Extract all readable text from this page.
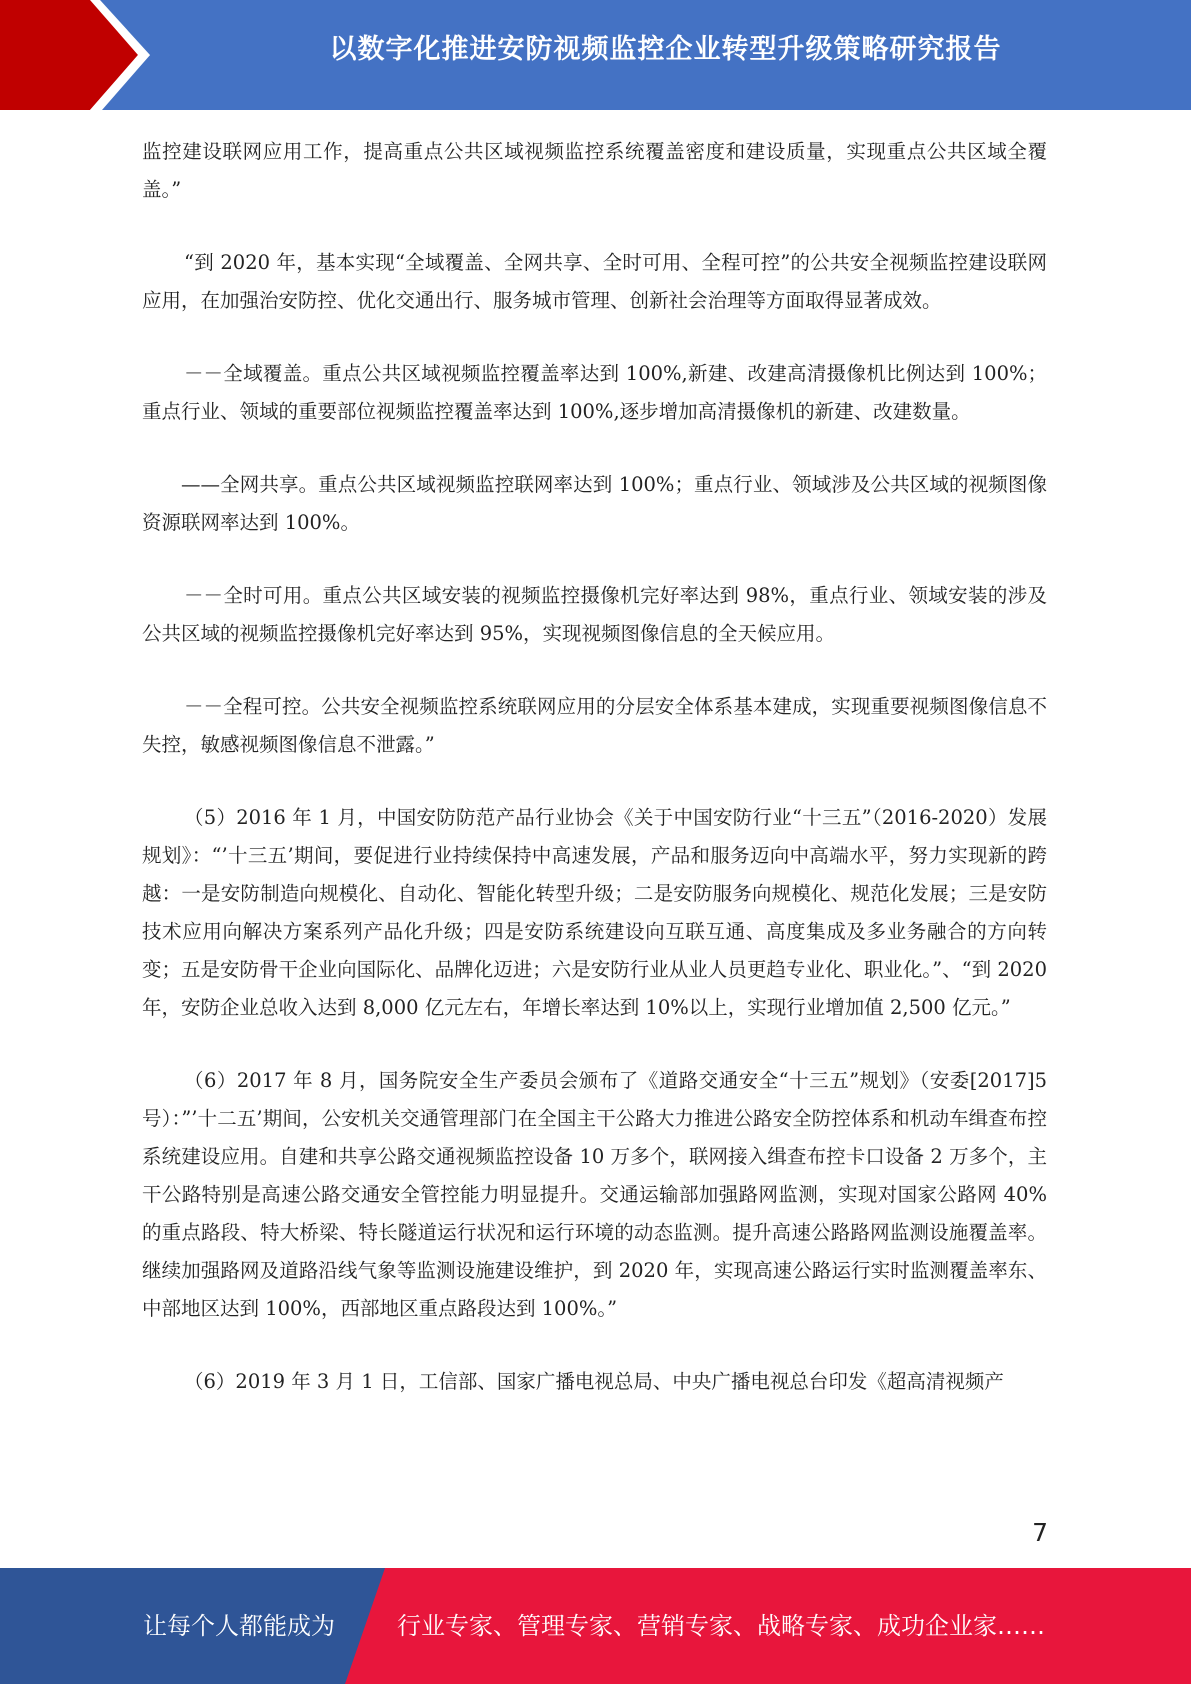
以数字化推进安防视频监控企业转型升级策略研究报告

监控建设联网应用工作，提高重点公共区域视频监控系统覆盖密度和建设质量，实现重点公共区域全覆盖。”

“到 2020 年，基本实现“全域覆盖、全网共享、全时可用、全程可控”的公共安全视频监控建设联网应用，在加强治安防控、优化交通出行、服务城市管理、创新社会治理等方面取得显著成效。

－－全域覆盖。重点公共区域视频监控覆盖率达到 100%,新建、改建高清摄像机比例达到 100%；重点行业、领域的重要部位视频监控覆盖率达到 100%,逐步增加高清摄像机的新建、改建数量。

——全网共享。重点公共区域视频监控联网率达到 100%；重点行业、领域涉及公共区域的视频图像资源联网率达到 100%。

－－全时可用。重点公共区域安装的视频监控摄像机完好率达到 98%，重点行业、领域安装的涉及公共区域的视频监控摄像机完好率达到 95%，实现视频图像信息的全天候应用。

－－全程可控。公共安全视频监控系统联网应用的分层安全体系基本建成，实现重要视频图像信息不失控，敏感视频图像信息不泄露。”

（5）2016 年 1 月，中国安防防范产品行业协会《关于中国安防行业“十三五”（2016-2020）发展规划》：“’十三五’期间，要促进行业持续保持中高速发展，产品和服务迈向中高端水平，努力实现新的跨越：一是安防制造向规模化、自动化、智能化转型升级；二是安防服务向规模化、规范化发展；三是安防技术应用向解决方案系列产品化升级；四是安防系统建设向互联互通、高度集成及多业务融合的方向转变；五是安防骨干企业向国际化、品牌化迈进；六是安防行业从业人员更趋专业化、职业化。”、“到 2020 年，安防企业总收入达到 8,000 亿元左右，年增长率达到 10%以上，实现行业增加值 2,500 亿元。”

（6）2017 年 8 月，国务院安全生产委员会颁布了《道路交通安全“十三五”规划》（安委[2017]5 号）：”’十二五’期间，公安机关交通管理部门在全国主干公路大力推进公路安全防控体系和机动车缉查布控系统建设应用。自建和共享公路交通视频监控设备 10 万多个，联网接入缉查布控卡口设备 2 万多个，主干公路特别是高速公路交通安全管控能力明显提升。交通运输部加强路网监测，实现对国家公路网 40%的重点路段、特大桥梁、特长隧道运行状况和运行环境的动态监测。提升高速公路路网监测设施覆盖率。继续加强路网及道路沿线气象等监测设施建设维护，到 2020 年，实现高速公路运行实时监测覆盖率东、中部地区达到 100%，西部地区重点路段达到 100%。”

（6）2019 年 3 月 1 日，工信部、国家广播电视总局、中央广播电视总台印发《超高清视频产

7
让每个人都能成为	行业专家、管理专家、营销专家、战略专家、成功企业家……
